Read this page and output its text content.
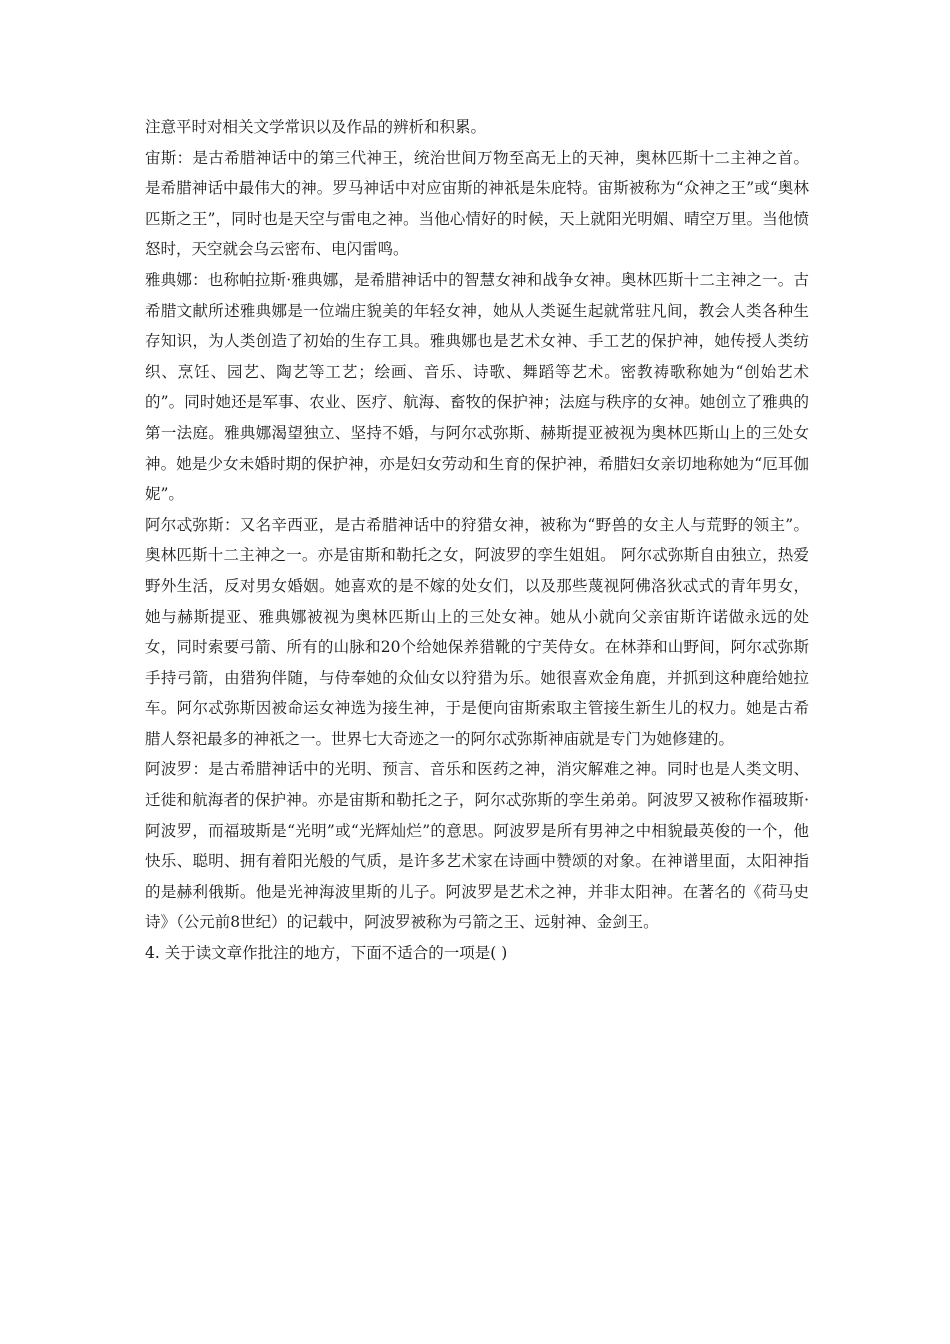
注意平时对相关文学常识以及作品的辨析和积累。

宙斯：是古希腊神话中的第三代神王，统治世间万物至高无上的天神，奥林匹斯十二主神之首。是希腊神话中最伟大的神。罗马神话中对应宙斯的神祇是朱庇特。宙斯被称为“众神之王”或“奥林匹斯之王”，同时也是天空与雷电之神。当他心情好的时候，天上就阳光明媚、晴空万里。当他愤怒时，天空就会乌云密布、电闪雷鸣。

雅典娜：也称帕拉斯·雅典娜，是希腊神话中的智慧女神和战争女神。奥林匹斯十二主神之一。古希腊文献所述雅典娜是一位端庄貌美的年轻女神，她从人类诞生起就常驻凡间，教会人类各种生存知识，为人类创造了初始的生存工具。雅典娜也是艺术女神、手工艺的保护神，她传授人类纺织、烹饪、园艺、陶艺等工艺；绘画、音乐、诗歌、舞蹈等艺术。密教祷歌称她为“创始艺术的”。同时她还是军事、农业、医疗、航海、畜牧的保护神；法庭与秩序的女神。她创立了雅典的第一法庭。雅典娜渴望独立、坚持不婚，与阿尔忒弥斯、赫斯提亚被视为奥林匹斯山上的三处女神。她是少女未婚时期的保护神，亦是妇女劳动和生育的保护神，希腊妇女亲切地称她为“厄耳伽妮”。

阿尔忒弥斯：又名辛西亚，是古希腊神话中的狩猎女神，被称为“野兽的女主人与荒野的领主”。奥林匹斯十二主神之一。亦是宙斯和勒托之女，阿波罗的孪生姐姐。 阿尔忒弥斯自由独立，热爱野外生活，反对男女婚姻。她喜欢的是不嫁的处女们，以及那些蔑视阿佛洛狄忒式的青年男女，她与赫斯提亚、雅典娜被视为奥林匹斯山上的三处女神。她从小就向父亲宙斯许诺做永远的处女，同时索要弓箭、所有的山脉和20个给她保养猎靴的宁芙侍女。在林莽和山野间，阿尔忒弥斯手持弓箭，由猎狗伴随，与侍奉她的众仙女以狩猎为乐。她很喜欢金角鹿，并抓到这种鹿给她拉车。阿尔忒弥斯因被命运女神选为接生神，于是便向宙斯索取主管接生新生儿的权力。她是古希腊人祭祀最多的神祇之一。世界七大奇迹之一的阿尔忒弥斯神庙就是专门为她修建的。

阿波罗：是古希腊神话中的光明、预言、音乐和医药之神，消灾解难之神。同时也是人类文明、迁徙和航海者的保护神。亦是宙斯和勒托之子，阿尔忒弥斯的孪生弟弟。阿波罗又被称作福玻斯·阿波罗，而福玻斯是“光明”或“光辉灿烂”的意思。阿波罗是所有男神之中相貌最英俊的一个，他快乐、聪明、拥有着阳光般的气质，是许多艺术家在诗画中赞颂的对象。在神谱里面，太阳神指的是赫利俄斯。他是光神海波里斯的儿子。阿波罗是艺术之神，并非太阳神。在著名的《荷马史诗》（公元前8世纪）的记载中，阿波罗被称为弓箭之王、远射神、金剑王。

4. 关于读文章作批注的地方，下面不适合的一项是( )
